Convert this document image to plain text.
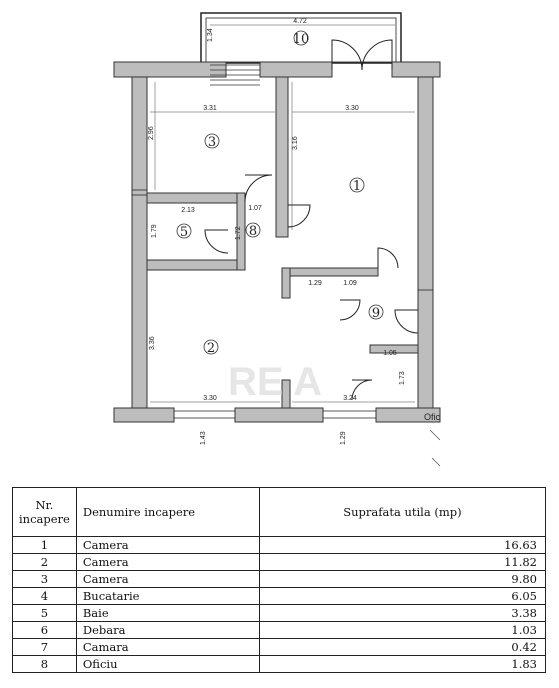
4.72
1.34
3.31	3.30
2.96
3.16
2.13	1.07
1.29	1.09
1.79	1.72
1.05
1.73
3.36
3.30	3.24
1.43	1.29
1
2
3
5	8
9
10
RE A
Ofic
Nr. incapere	Denumire incapere	Suprafata utila (mp)
1	Camera	16.63
2	Camera	11.82
3	Camera	9.80
4	Bucatarie	6.05
5	Baie	3.38
6	Debara	1.03
7	Camara	0.42
8	Oficiu	1.83
